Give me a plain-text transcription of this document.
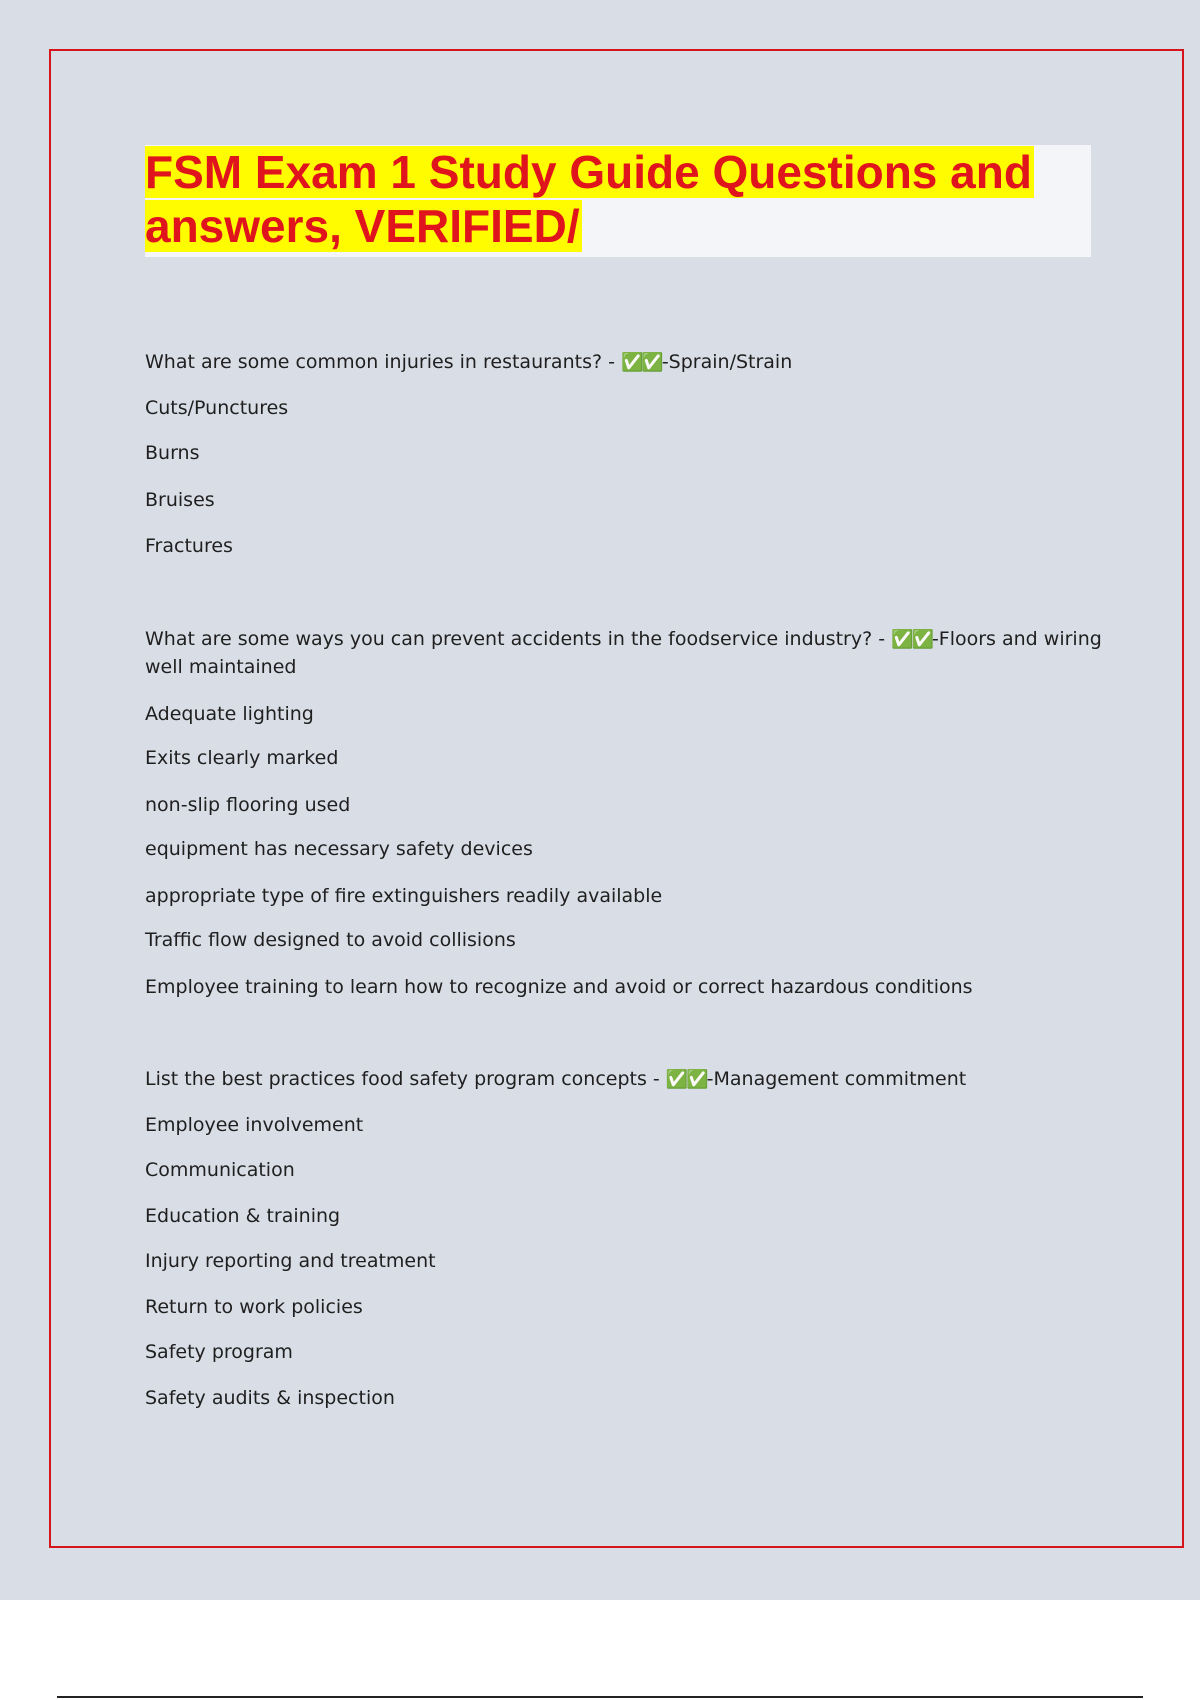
FSM Exam 1 Study Guide Questions and
answers, VERIFIED/
What are some common injuries in restaurants? - ✅✅-Sprain/Strain
Cuts/Punctures
Burns
Bruises
Fractures
What are some ways you can prevent accidents in the foodservice industry? - ✅✅-Floors and wiring
well maintained
Adequate lighting
Exits clearly marked
non-slip flooring used
equipment has necessary safety devices
appropriate type of fire extinguishers readily available
Traffic flow designed to avoid collisions
Employee training to learn how to recognize and avoid or correct hazardous conditions
List the best practices food safety program concepts - ✅✅-Management commitment
Employee involvement
Communication
Education & training
Injury reporting and treatment
Return to work policies
Safety program
Safety audits & inspection
